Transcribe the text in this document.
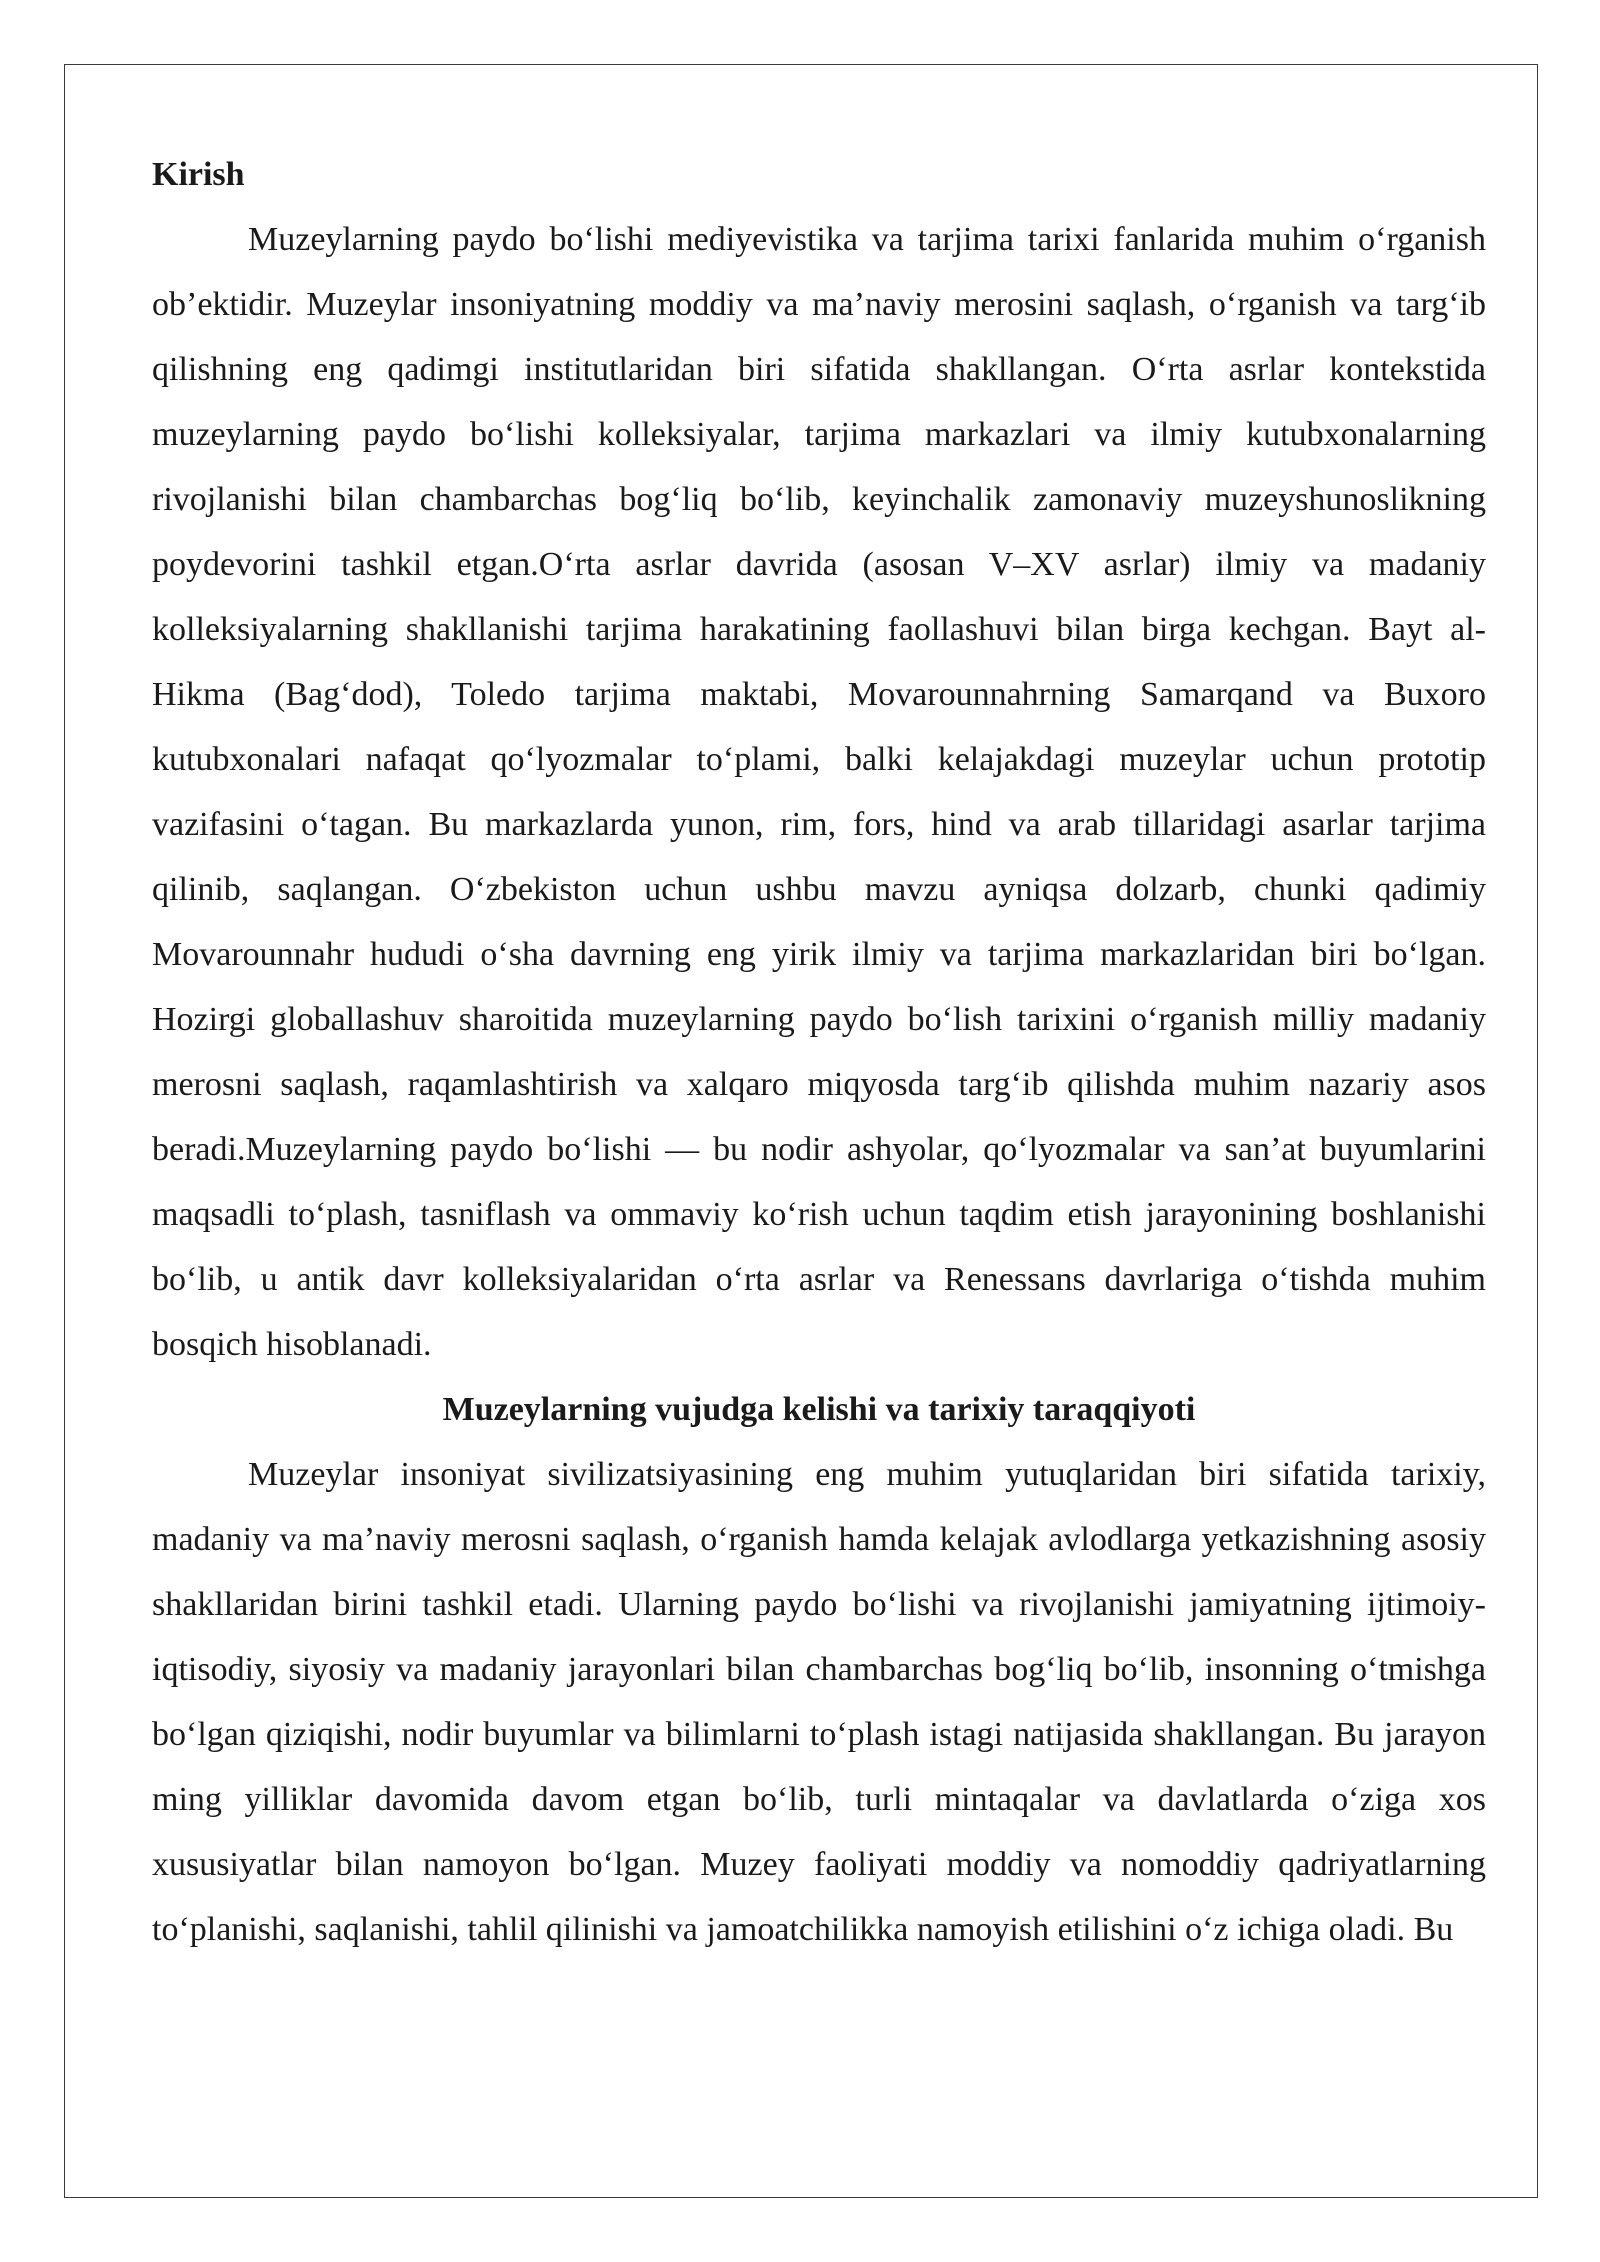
Kirish

Muzeylarning paydo bo‘lishi mediyevistika va tarjima tarixi fanlarida muhim o‘rganish ob’ektidir. Muzeylar insoniyatning moddiy va ma’naviy merosini saqlash, o‘rganish va targ‘ib qilishning eng qadimgi institutlaridan biri sifatida shakllangan. O‘rta asrlar kontekstida muzeylarning paydo bo‘lishi kolleksiyalar, tarjima markazlari va ilmiy kutubxonalarning rivojlanishi bilan chambarchas bog‘liq bo‘lib, keyinchalik zamonaviy muzeyshunoslikning poydevorini tashkil etgan.O‘rta asrlar davrida (asosan V–XV asrlar) ilmiy va madaniy kolleksiyalarning shakllanishi tarjima harakatining faollashuvi bilan birga kechgan. Bayt al-Hikma (Bag‘dod), Toledo tarjima maktabi, Movarounnahrning Samarqand va Buxoro kutubxonalari nafaqat qo‘lyozmalar to‘plami, balki kelajakdagi muzeylar uchun prototip vazifasini o‘tagan. Bu markazlarda yunon, rim, fors, hind va arab tillaridagi asarlar tarjima qilinib, saqlangan. O‘zbekiston uchun ushbu mavzu ayniqsa dolzarb, chunki qadimiy Movarounnahr hududi o‘sha davrning eng yirik ilmiy va tarjima markazlaridan biri bo‘lgan. Hozirgi globallashuv sharoitida muzeylarning paydo bo‘lish tarixini o‘rganish milliy madaniy merosni saqlash, raqamlashtirish va xalqaro miqyosda targ‘ib qilishda muhim nazariy asos beradi.Muzeylarning paydo bo‘lishi — bu nodir ashyolar, qo‘lyozmalar va san’at buyumlarini maqsadli to‘plash, tasniflash va ommaviy ko‘rish uchun taqdim etish jarayonining boshlanishi bo‘lib, u antik davr kolleksiyalaridan o‘rta asrlar va Renessans davrlariga o‘tishda muhim bosqich hisoblanadi.

Muzeylarning vujudga kelishi va tarixiy taraqqiyoti

Muzeylar insoniyat sivilizatsiyasining eng muhim yutuqlaridan biri sifatida tarixiy, madaniy va ma’naviy merosni saqlash, o‘rganish hamda kelajak avlodlarga yetkazishning asosiy shakllaridan birini tashkil etadi. Ularning paydo bo‘lishi va rivojlanishi jamiyatning ijtimoiy-iqtisodiy, siyosiy va madaniy jarayonlari bilan chambarchas bog‘liq bo‘lib, insonning o‘tmishga bo‘lgan qiziqishi, nodir buyumlar va bilimlarni to‘plash istagi natijasida shakllangan. Bu jarayon ming yilliklar davomida davom etgan bo‘lib, turli mintaqalar va davlatlarda o‘ziga xos xususiyatlar bilan namoyon bo‘lgan. Muzey faoliyati moddiy va nomoddiy qadriyatlarning to‘planishi, saqlanishi, tahlil qilinishi va jamoatchilikka namoyish etilishini o‘z ichiga oladi. Bu
